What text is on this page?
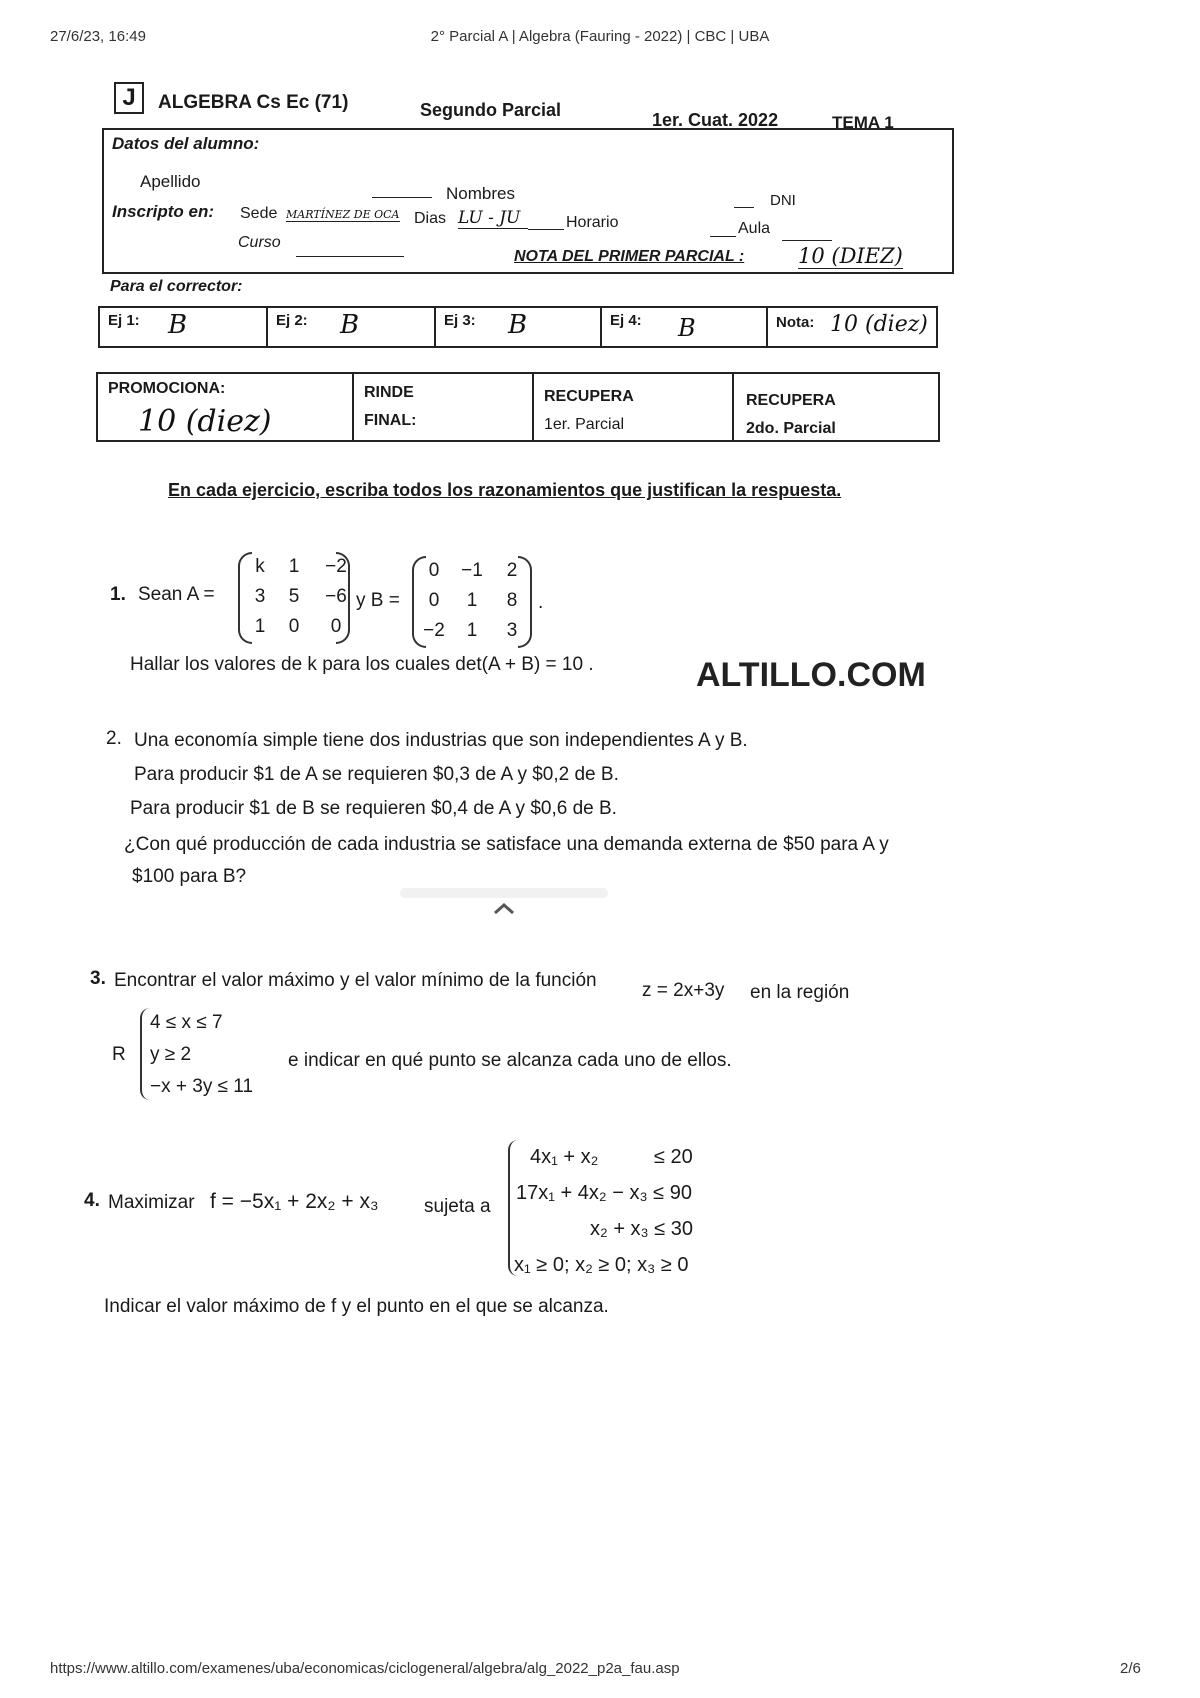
27/6/23, 16:49	2° Parcial A | Algebra (Fauring - 2022) | CBC | UBA
https://www.altillo.com/examenes/uba/economicas/ciclogeneral/algebra/alg_2022_p2a_fau.asp	2/6
J	ALGEBRA Cs Ec (71)	Segundo Parcial	1er. Cuat. 2022	TEMA 1
Datos del alumno:
Apellido
Nombres	DNI
Inscripto en: Sede MARTÍNEZ DE OCA Dias LU - JU	Horario	Aula
Curso
NOTA DEL PRIMER PARCIAL :	10 (DIEZ)
Para el corrector:
Ej 1: B	Ej 2: B	Ej 3: B	Ej 4: B	Nota: 10 (diez)
PROMOCIONA:
10 (diez)
RINDE
FINAL:
RECUPERA
1er. Parcial
RECUPERA
2do. Parcial
En cada ejercicio, escriba todos los razonamientos que justifican la respuesta.
1. Sean A =
k	1	−2
3	5	−6
1	0	0
y B =
0	−1	2
0	1	8
−2	1	3
.
Hallar los valores de k para los cuales det(A + B) = 10 .	ALTILLO.COM
2. Una economía simple tiene dos industrias que son independientes A y B.
Para producir $1 de A se requieren $0,3 de A y $0,2 de B.
Para producir $1 de B se requieren $0,4 de A y $0,6 de B.
¿Con qué producción de cada industria se satisface una demanda externa de $50 para A y
$100 para B?
3. Encontrar el valor máximo y el valor mínimo de la función z = 2x+3y en la región
R
4 ≤ x ≤ 7
y ≥ 2
−x + 3y ≤ 11
e indicar en qué punto se alcanza cada uno de ellos.
4. Maximizar f = −5x₁ + 2x₂ + x₃ sujeta a
4x₁ + x₂          ≤ 20
17x₁ + 4x₂ − x₃ ≤ 90
x₂ + x₃ ≤ 30
x₁ ≥ 0; x₂ ≥ 0; x₃ ≥ 0
Indicar el valor máximo de f y el punto en el que se alcanza.
